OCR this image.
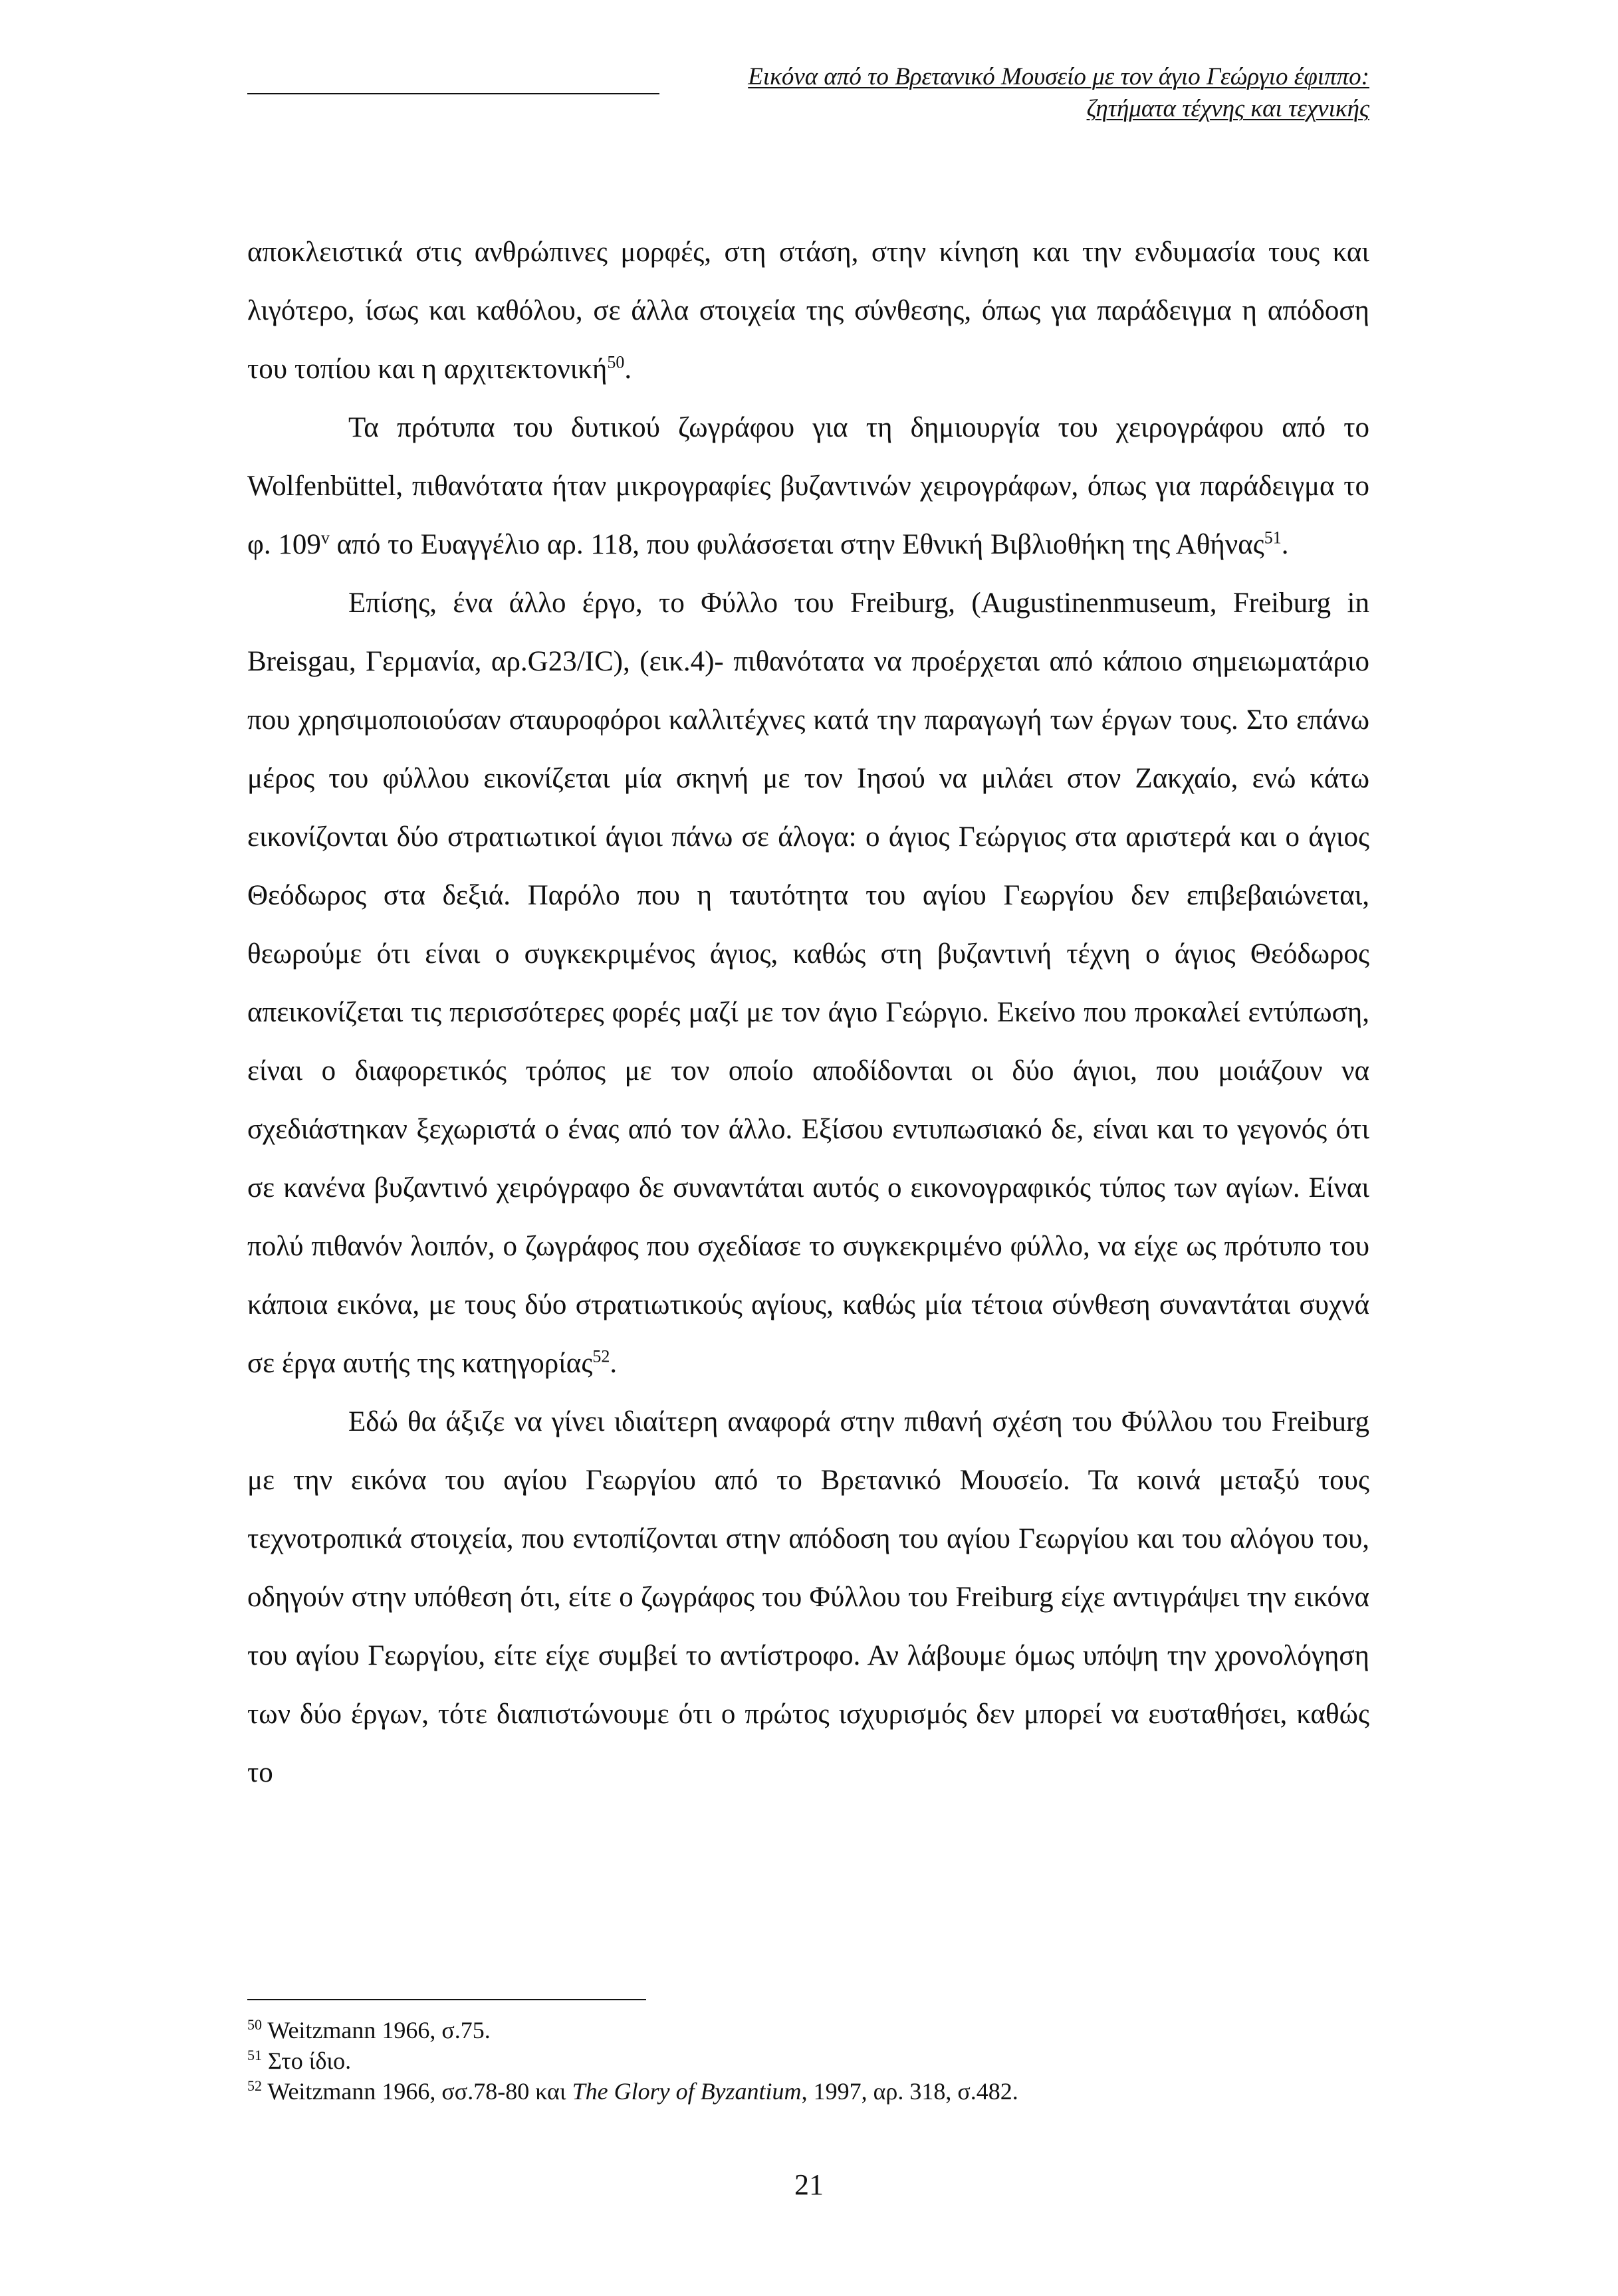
Εικόνα από το Βρετανικό Μουσείο με τον άγιο Γεώργιο έφιππο:
ζητήματα τέχνης και τεχνικής

αποκλειστικά στις ανθρώπινες μορφές, στη στάση, στην κίνηση και την ενδυμασία τους και λιγότερο, ίσως και καθόλου, σε άλλα στοιχεία της σύνθεσης, όπως για παράδειγμα η απόδοση του τοπίου και η αρχιτεκτονική$^{50}$.

Τα πρότυπα του δυτικού ζωγράφου για τη δημιουργία του χειρογράφου από το Wolfenbüttel, πιθανότατα ήταν μικρογραφίες βυζαντινών χειρογράφων, όπως για παράδειγμα το φ. 109$^v$ από το Ευαγγέλιο αρ. 118, που φυλάσσεται στην Εθνική Βιβλιοθήκη της Αθήνας$^{51}$.

Επίσης, ένα άλλο έργο, το Φύλλο του Freiburg, (Augustinenmuseum, Freiburg in Breisgau, Γερμανία, αρ.G23/IC), (εικ.4)- πιθανότατα να προέρχεται από κάποιο σημειωματάριο που χρησιμοποιούσαν σταυροφόροι καλλιτέχνες κατά την παραγωγή των έργων τους. Στο επάνω μέρος του φύλλου εικονίζεται μία σκηνή με τον Ιησού να μιλάει στον Ζακχαίο, ενώ κάτω εικονίζονται δύο στρατιωτικοί άγιοι πάνω σε άλογα: ο άγιος Γεώργιος στα αριστερά και ο άγιος Θεόδωρος στα δεξιά. Παρόλο που η ταυτότητα του αγίου Γεωργίου δεν επιβεβαιώνεται, θεωρούμε ότι είναι ο συγκεκριμένος άγιος, καθώς στη βυζαντινή τέχνη ο άγιος Θεόδωρος απεικονίζεται τις περισσότερες φορές μαζί με τον άγιο Γεώργιο. Εκείνο που προκαλεί εντύπωση, είναι ο διαφορετικός τρόπος με τον οποίο αποδίδονται οι δύο άγιοι, που μοιάζουν να σχεδιάστηκαν ξεχωριστά ο ένας από τον άλλο. Εξίσου εντυπωσιακό δε, είναι και το γεγονός ότι σε κανένα βυζαντινό χειρόγραφο δε συναντάται αυτός ο εικονογραφικός τύπος των αγίων. Είναι πολύ πιθανόν λοιπόν, ο ζωγράφος που σχεδίασε το συγκεκριμένο φύλλο, να είχε ως πρότυπο του κάποια εικόνα, με τους δύο στρατιωτικούς αγίους, καθώς μία τέτοια σύνθεση συναντάται συχνά σε έργα αυτής της κατηγορίας$^{52}$.

Εδώ θα άξιζε να γίνει ιδιαίτερη αναφορά στην πιθανή σχέση του Φύλλου του Freiburg με την εικόνα του αγίου Γεωργίου από το Βρετανικό Μουσείο. Τα κοινά μεταξύ τους τεχνοτροπικά στοιχεία, που εντοπίζονται στην απόδοση του αγίου Γεωργίου και του αλόγου του, οδηγούν στην υπόθεση ότι, είτε ο ζωγράφος του Φύλλου του Freiburg είχε αντιγράψει την εικόνα του αγίου Γεωργίου, είτε είχε συμβεί το αντίστροφο. Αν λάβουμε όμως υπόψη την χρονολόγηση των δύο έργων, τότε διαπιστώνουμε ότι ο πρώτος ισχυρισμός δεν μπορεί να ευσταθήσει, καθώς το

$^{50}$ Weitzmann 1966, σ.75.
$^{51}$ Στο ίδιο.
$^{52}$ Weitzmann 1966, σσ.78-80 και The Glory of Byzantium, 1997, αρ. 318, σ.482.
21
